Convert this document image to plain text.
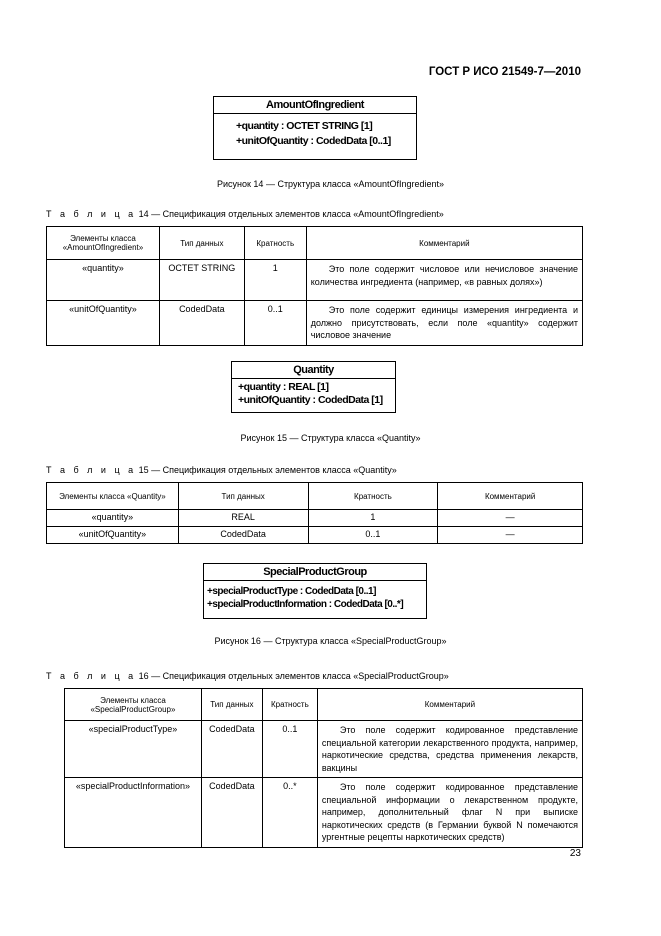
ГОСТ Р ИСО 21549-7—2010
AmountOfIngredient
+quantity : OCTET STRING [1]
+unitOfQuantity : CodedData [0..1]
Рисунок 14 — Структура класса «AmountOfIngredient»
Т а б л и ц а 14 — Спецификация отдельных элементов класса «AmountOfIngredient»
Элементы класса «AmountOfIngredient»	Тип данных	Кратность	Комментарий
«quantity»	OCTET STRING	1	Это поле содержит числовое или нечисловое значение количества ингредиента (например, «в равных долях»)
«unitOfQuantity»	CodedData	0..1	Это поле содержит единицы измерения ингредиента и должно присутствовать, если поле «quantity» содержит числовое значение
Quantity
+quantity : REAL [1]
+unitOfQuantity : CodedData [1]
Рисунок 15 — Структура класса «Quantity»
Т а б л и ц а 15 — Спецификация отдельных элементов класса «Quantity»
Элементы класса «Quantity»	Тип данных	Кратность	Комментарий
«quantity»	REAL	1	—
«unitOfQuantity»	CodedData	0..1	—
SpecialProductGroup
+specialProductType : CodedData [0..1]
+specialProductInformation : CodedData [0..*]
Рисунок 16 — Структура класса «SpecialProductGroup»
Т а б л и ц а 16 — Спецификация отдельных элементов класса «SpecialProductGroup»
Элементы класса «SpecialProductGroup»	Тип данных	Кратность	Комментарий
«specialProductType»	CodedData	0..1	Это поле содержит кодированное представление специальной категории лекарственного продукта, например, наркотические средства, средства применения лекарств, вакцины
«specialProductInformation»	CodedData	0..*	Это поле содержит кодированное представление специальной информации о лекарственном продукте, например, дополнительный флаг N при выписке наркотических средств (в Германии буквой N помечаются ургентные рецепты наркотических средств)
23
